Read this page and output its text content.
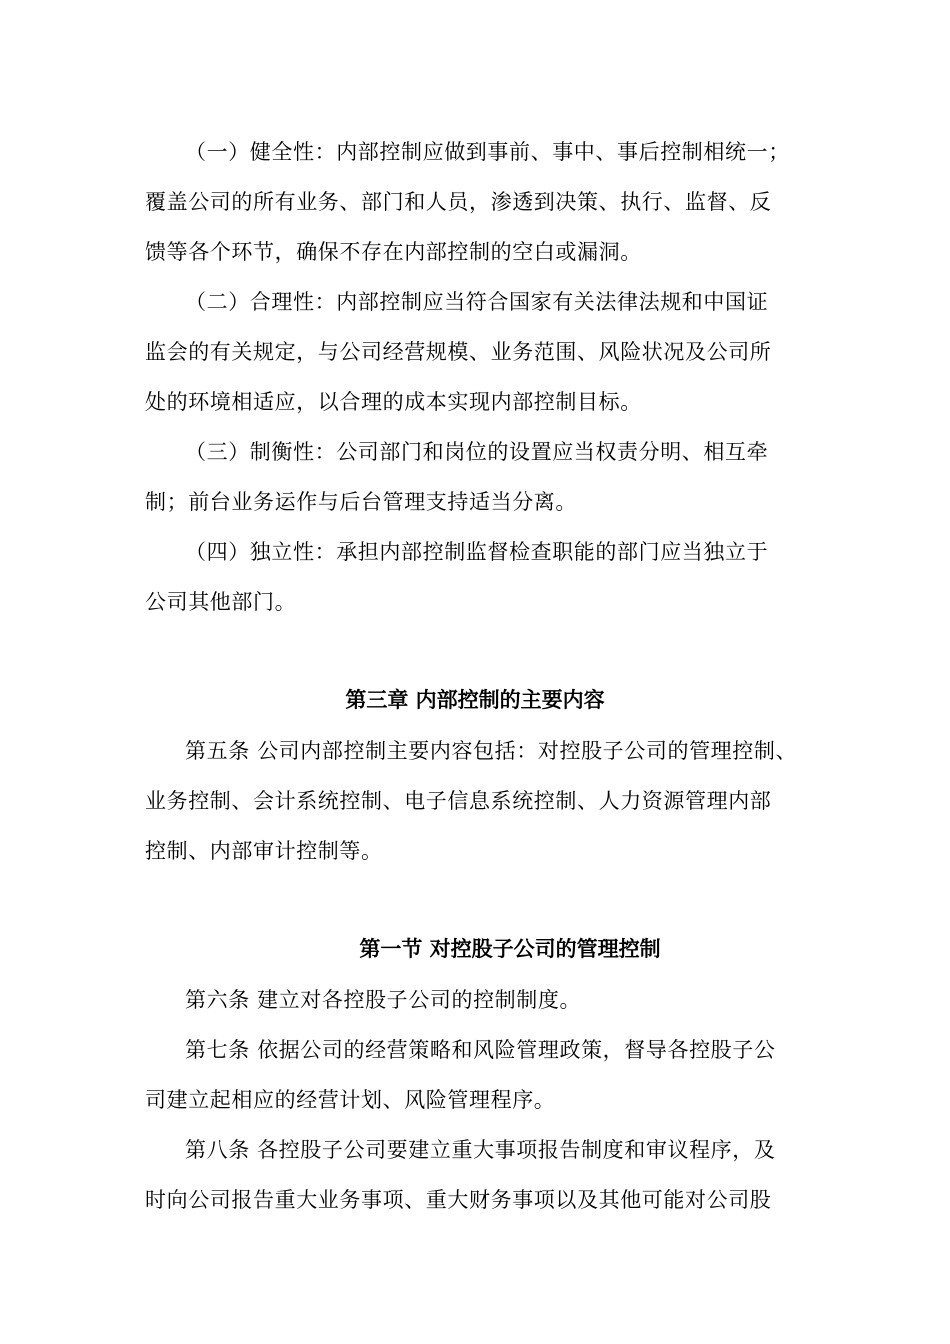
（一）健全性：内部控制应做到事前、事中、事后控制相统一；
覆盖公司的所有业务、部门和人员，渗透到决策、执行、监督、反
馈等各个环节，确保不存在内部控制的空白或漏洞。
（二）合理性：内部控制应当符合国家有关法律法规和中国证
监会的有关规定，与公司经营规模、业务范围、风险状况及公司所
处的环境相适应，以合理的成本实现内部控制目标。
（三）制衡性：公司部门和岗位的设置应当权责分明、相互牵
制；前台业务运作与后台管理支持适当分离。
（四）独立性：承担内部控制监督检查职能的部门应当独立于
公司其他部门。
第三章 内部控制的主要内容
第五条 公司内部控制主要内容包括：对控股子公司的管理控制、
业务控制、会计系统控制、电子信息系统控制、人力资源管理内部
控制、内部审计控制等。
第一节 对控股子公司的管理控制
第六条 建立对各控股子公司的控制制度。
第七条 依据公司的经营策略和风险管理政策，督导各控股子公
司建立起相应的经营计划、风险管理程序。
第八条 各控股子公司要建立重大事项报告制度和审议程序，及
时向公司报告重大业务事项、重大财务事项以及其他可能对公司股
